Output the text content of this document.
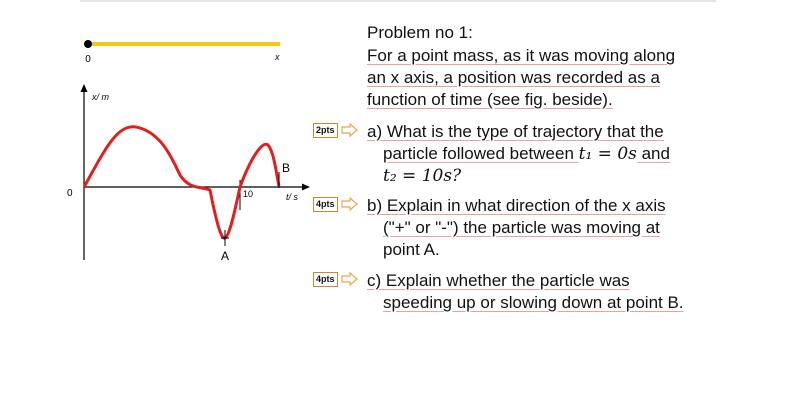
0	x
x/ m
0	t/ s
10
A
B
Problem no 1:
For a point mass, as it was moving along
an x axis, a position was recorded as a
function of time (see fig. beside).
2pts a) What is the type of trajectory that the
particle followed between t₁ = 0s and
t₂ = 10s?
4pts b) Explain in what direction of the x axis
("+" or "-") the particle was moving at
point A.
4pts c) Explain whether the particle was
speeding up or slowing down at point B.
